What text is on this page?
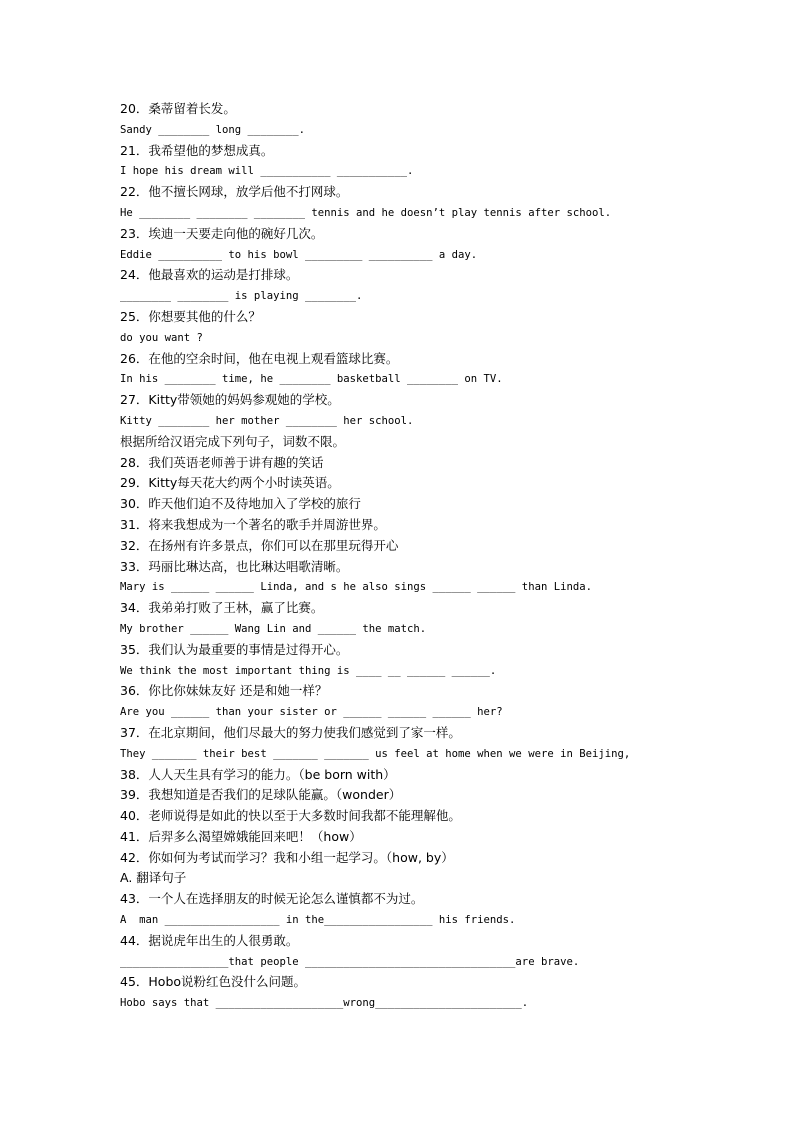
20．桑蒂留着长发。
Sandy ________ long ________.
21．我希望他的梦想成真。
I hope his dream will ___________ ___________.
22．他不擅长网球，放学后他不打网球。
He ________ ________ ________ tennis and he doesn’t play tennis after school.
23．埃迪一天要走向他的碗好几次。
Eddie __________ to his bowl _________ __________ a day.
24．他最喜欢的运动是打排球。
________ ________ is playing ________.
25．你想要其他的什么？
do you want ?
26．在他的空余时间，他在电视上观看篮球比赛。
In his ________ time, he ________ basketball ________ on TV.
27．Kitty带领她的妈妈参观她的学校。
Kitty ________ her mother ________ her school.
根据所给汉语完成下列句子，词数不限。
28．我们英语老师善于讲有趣的笑话
29．Kitty每天花大约两个小时读英语。
30．昨天他们迫不及待地加入了学校的旅行
31．将来我想成为一个著名的歌手并周游世界。
32．在扬州有许多景点，你们可以在那里玩得开心
33．玛丽比琳达高，也比琳达唱歌清晰。
Mary is ______ ______ Linda, and s he also sings ______ ______ than Linda.
34．我弟弟打败了王林，赢了比赛。
My brother ______ Wang Lin and ______ the match.
35．我们认为最重要的事情是过得开心。
We think the most important thing is ____ __ ______ ______.
36．你比你妹妹友好 还是和她一样？
Are you ______ than your sister or ______ ______ ______ her?
37．在北京期间，他们尽最大的努力使我们感觉到了家一样。
They _______ their best _______ _______ us feel at home when we were in Beijing,
38．人人天生具有学习的能力。（be born with）
39．我想知道是否我们的足球队能赢。（wonder）
40．老师说得是如此的快以至于大多数时间我都不能理解他。
41．后羿多么渴望嫦娥能回来吧！（how）
42．你如何为考试而学习？我和小组一起学习。（how, by）
A. 翻译句子
43．一个人在选择朋友的时候无论怎么谨慎都不为过。
A  man __________________ in the_________________ his friends.
44．据说虎年出生的人很勇敢。
_________________that people _________________________________are brave.
45．Hobo说粉红色没什么问题。
Hobo says that ____________________wrong_______________________.
